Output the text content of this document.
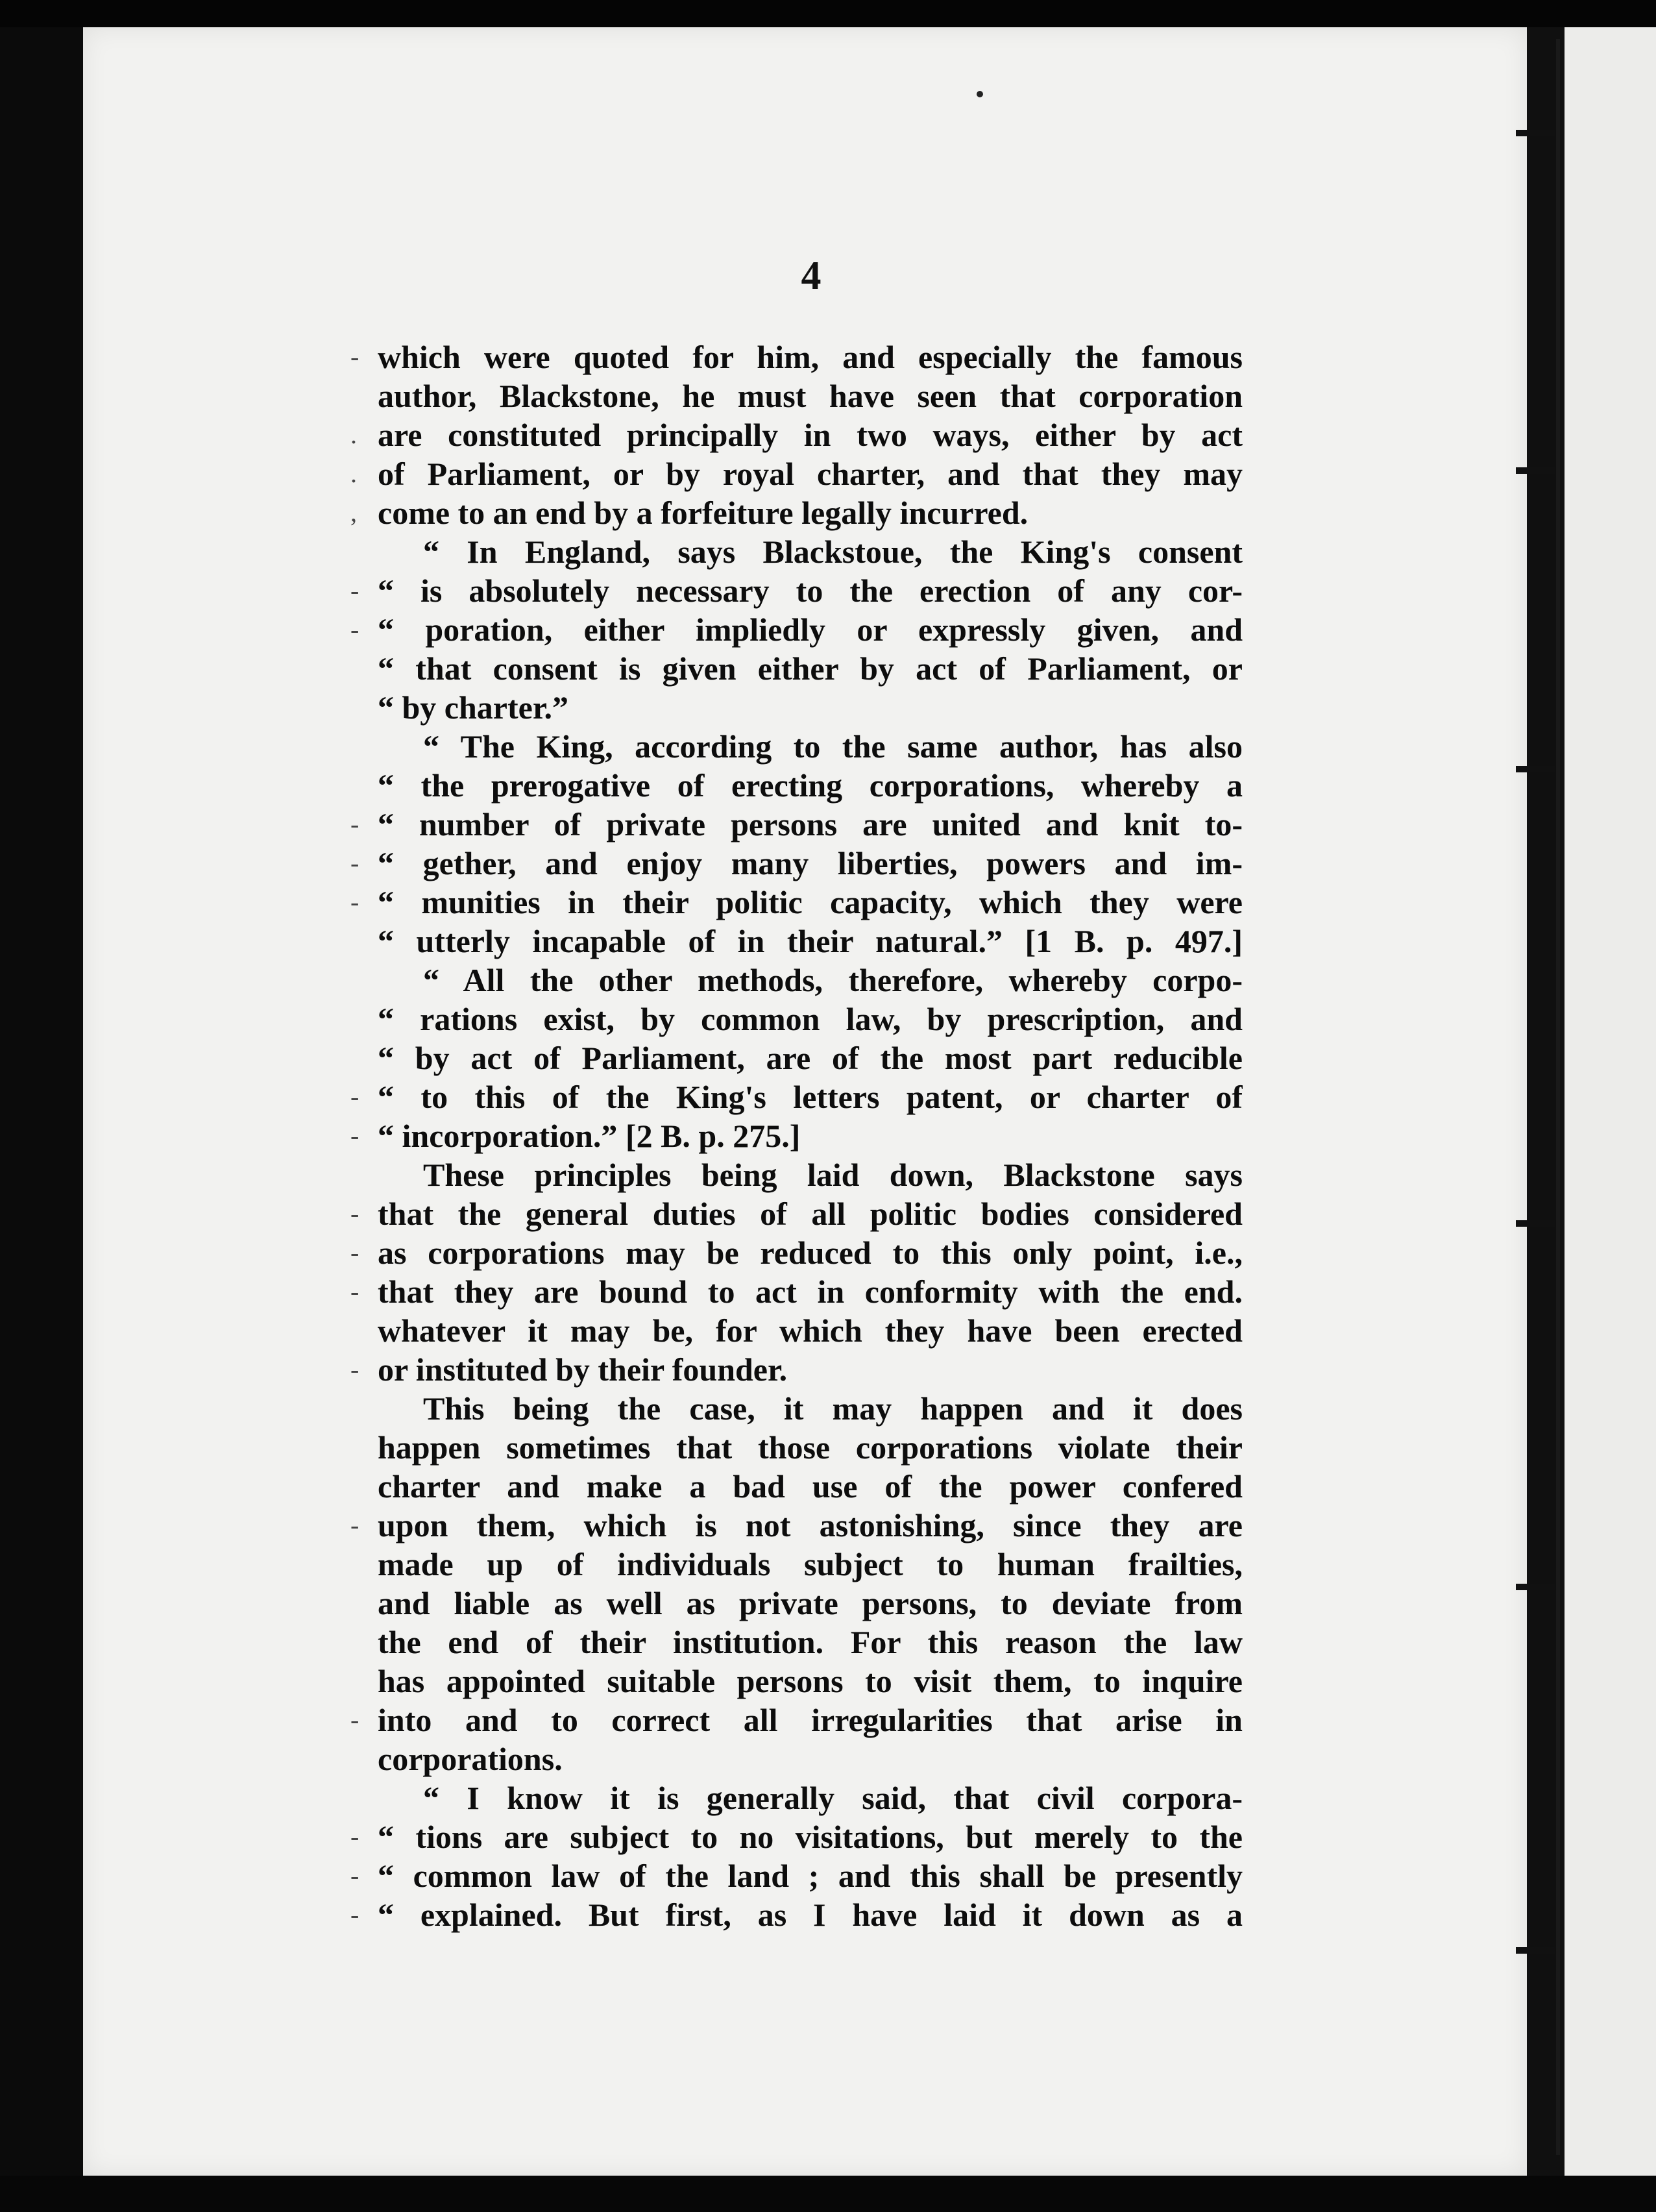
4
-
.
.
,
-
-
-
-
-
-
-
-
-
-
-
-
-
-
-
-
which were quoted for him, and especially the famous
author, Blackstone, he must have seen that corporation
are constituted principally in two ways, either by act
of Parliament, or by royal charter, and that they may
come to an end by a forfeiture legally incurred.
“ In England, says Blackstoue, the King's consent
“ is absolutely necessary to the erection of any cor-
“ poration, either impliedly or expressly given, and
“ that consent is given either by act of Parliament, or
“ by charter.”
“ The King, according to the same author, has also
“ the prerogative of erecting corporations, whereby a
“ number of private persons are united and knit to-
“ gether, and enjoy many liberties, powers and im-
“ munities in their politic capacity, which they were
“ utterly incapable of in their natural.” [1 B. p. 497.]
“ All the other methods, therefore, whereby corpo-
“ rations exist, by common law, by prescription, and
“ by act of Parliament, are of the most part reducible
“ to this of the King's letters patent, or charter of
“ incorporation.” [2 B. p. 275.]
These principles being laid down, Blackstone says
that the general duties of all politic bodies considered
as corporations may be reduced to this only point, i.e.,
that they are bound to act in conformity with the end.
whatever it may be, for which they have been erected
or instituted by their founder.
This being the case, it may happen and it does
happen sometimes that those corporations violate their
charter and make a bad use of the power confered
upon them, which is not astonishing, since they are
made up of individuals subject to human frailties,
and liable as well as private persons, to deviate from
the end of their institution. For this reason the law
has appointed suitable persons to visit them, to inquire
into and to correct all irregularities that arise in
corporations.
“ I know it is generally said, that civil corpora-
“ tions are subject to no visitations, but merely to the
“ common law of the land ; and this shall be presently
“ explained. But first, as I have laid it down as a
